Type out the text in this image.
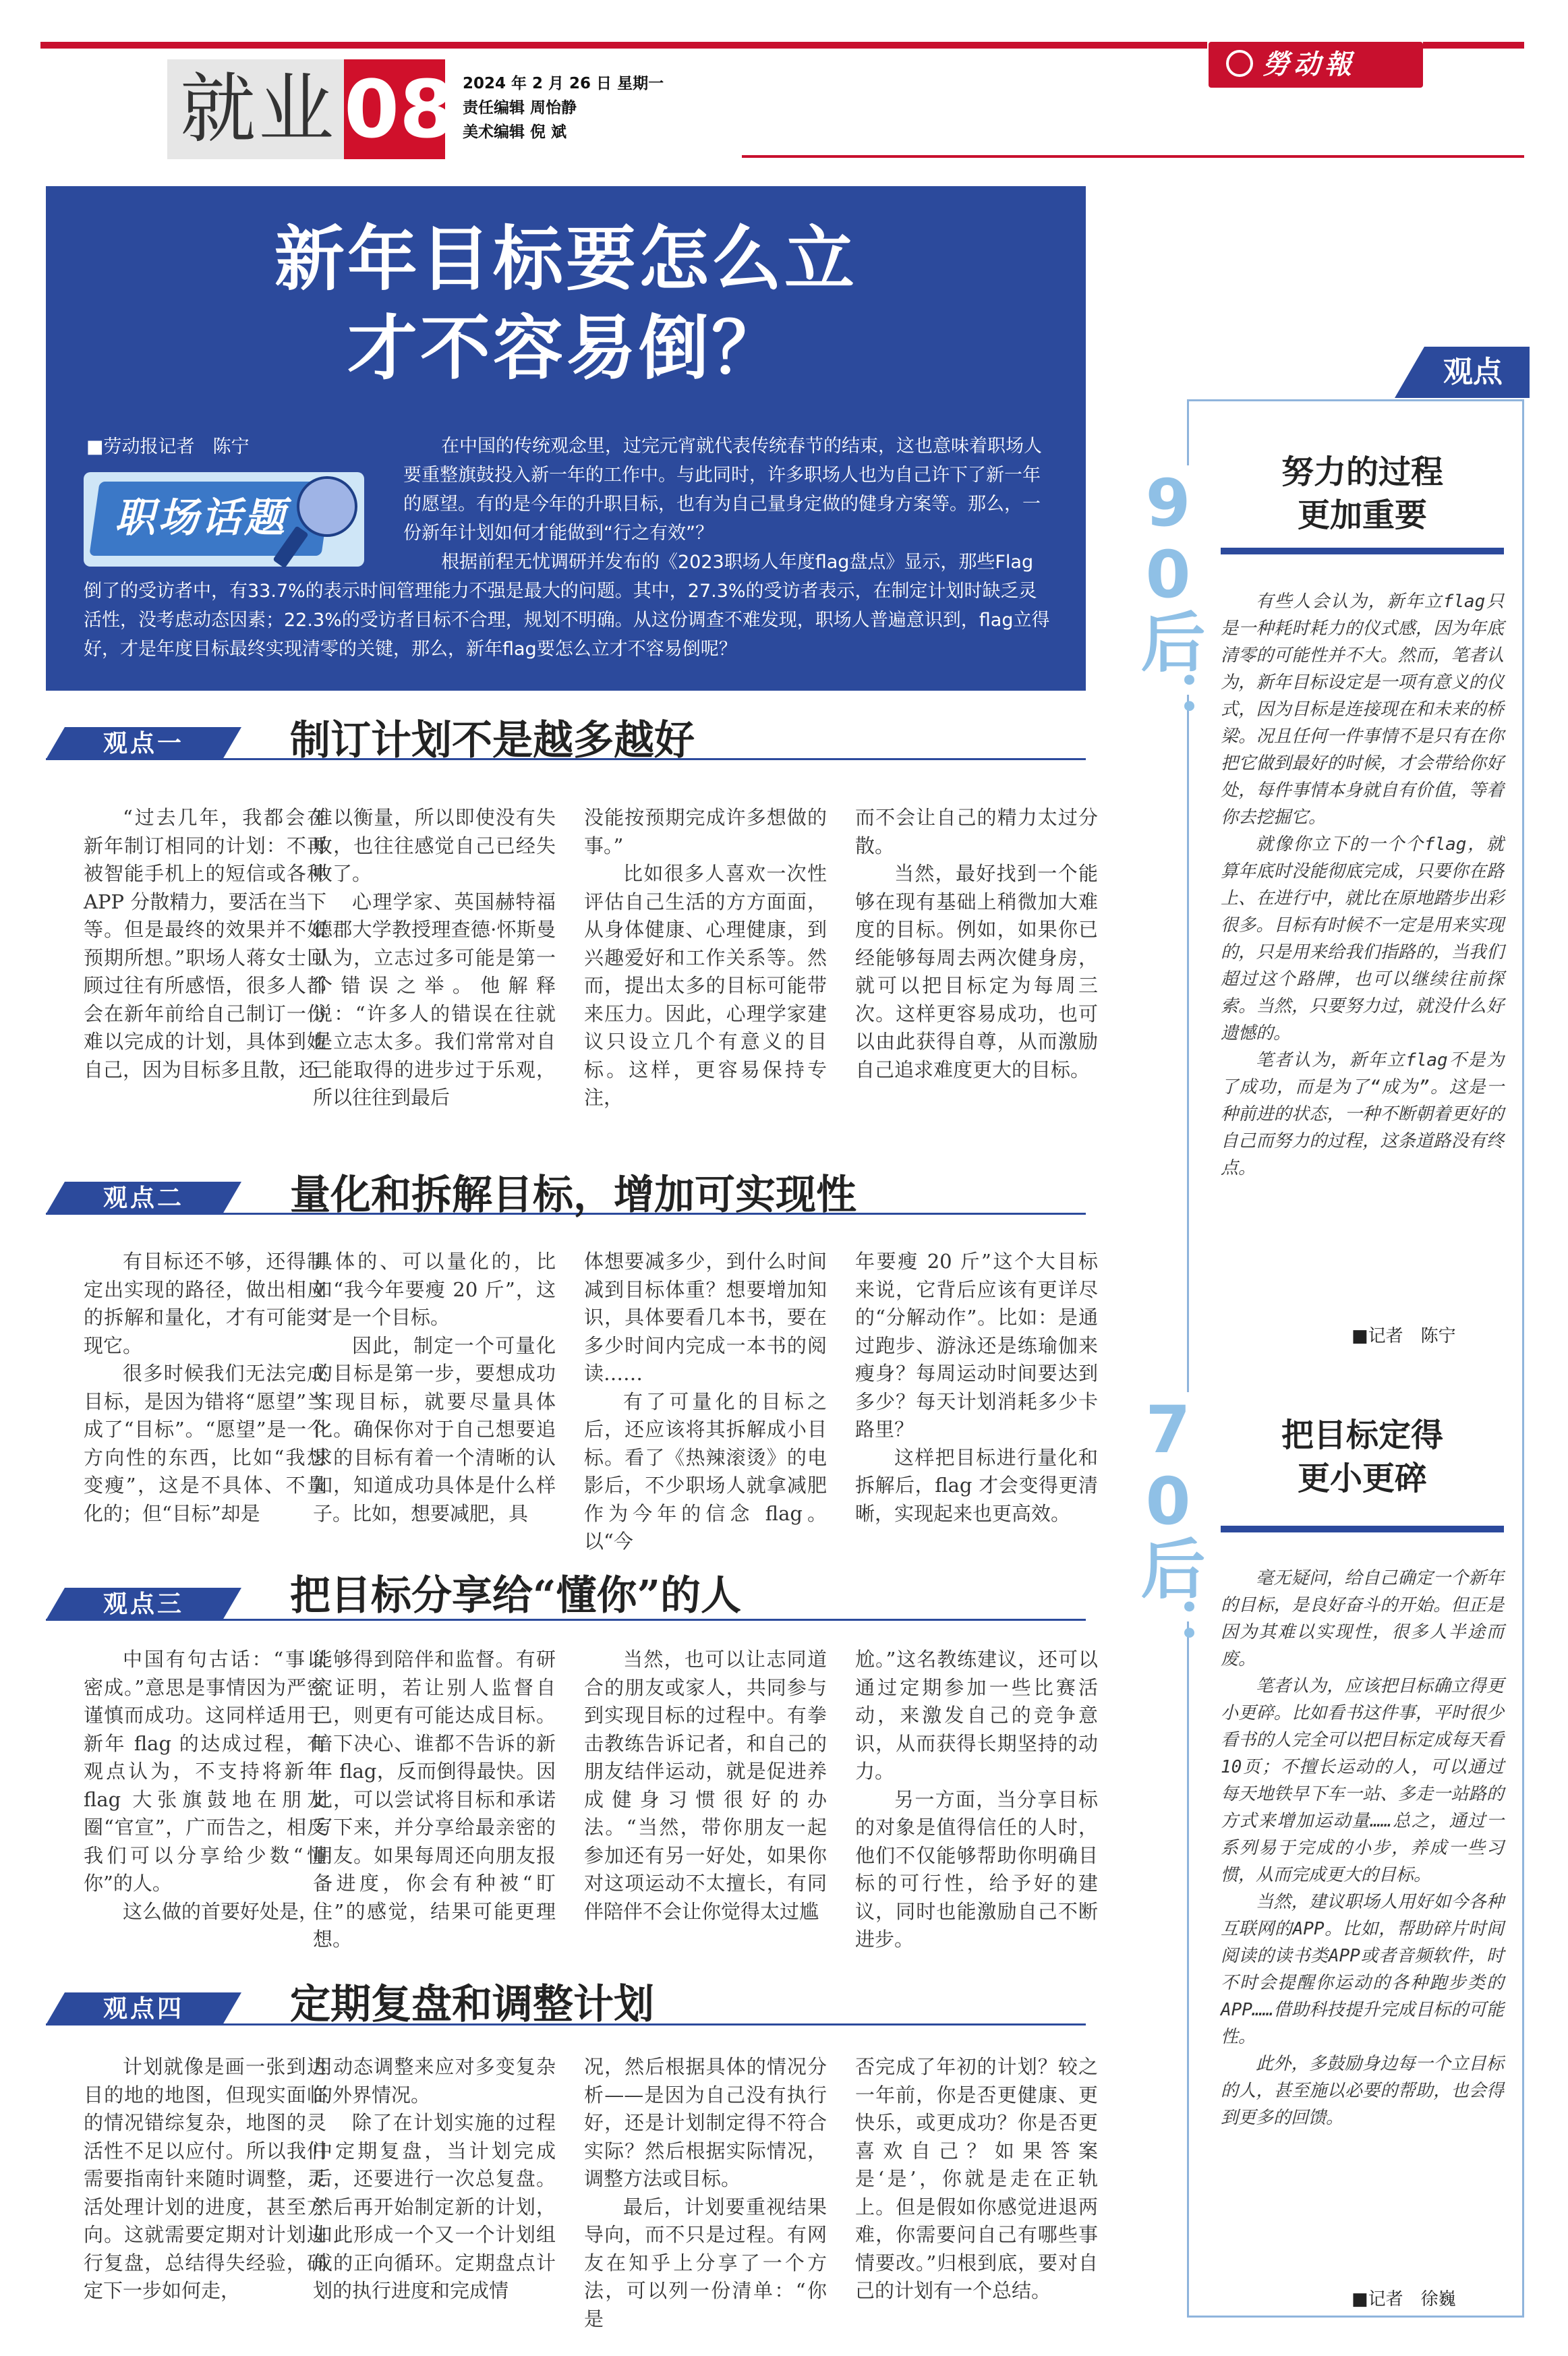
就业 08 2024 年 2 月 26 日 星期一
责任编辑 周怡静
美术编辑 倪 斌
勞动報
新年目标要怎么立
才不容易倒？
■劳动报记者　陈宁
职场话题
在中国的传统观念里，过完元宵就代表传统春节的结束，这也意味着职场人要重整旗鼓投入新一年的工作中。与此同时，许多职场人也为自己许下了新一年的愿望。有的是今年的升职目标，也有为自己量身定做的健身方案等。那么，一份新年计划如何才能做到“行之有效”？
根据前程无忧调研并发布的《2023职场人年度flag盘点》显示，那些Flag
倒了的受访者中，有33.7%的表示时间管理能力不强是最大的问题。其中，27.3%的受访者表示，在制定计划时缺乏灵活性，没考虑动态因素；22.3%的受访者目标不合理，规划不明确。从这份调查不难发现，职场人普遍意识到，flag立得好，才是年度目标最终实现清零的关键，那么，新年flag要怎么立才不容易倒呢？
观点一	制订计划不是越多越好

“过去几年，我都会在新年制订相同的计划：不再被智能手机上的短信或各种 APP 分散精力，要活在当下等。但是最终的效果并不如预期所想。”职场人蒋女士回顾过往有所感悟，很多人都会在新年前给自己制订一份难以完成的计划，具体到她自己，因为目标多且散，还

难以衡量，所以即使没有失败，也往往感觉自己已经失败了。

心理学家、英国赫特福德郡大学教授理查德·怀斯曼认为，立志过多可能是第一个错误之举。他解释说：“许多人的错误在往就是立志太多。我们常常对自己能取得的进步过于乐观，所以往往到最后

没能按预期完成许多想做的事。”

比如很多人喜欢一次性评估自己生活的方方面面，从身体健康、心理健康，到兴趣爱好和工作关系等。然而，提出太多的目标可能带来压力。因此，心理学家建议只设立几个有意义的目标。这样，更容易保持专注，

而不会让自己的精力太过分散。

当然，最好找到一个能够在现有基础上稍微加大难度的目标。例如，如果你已经能够每周去两次健身房，就可以把目标定为每周三次。这样更容易成功，也可以由此获得自尊，从而激励自己追求难度更大的目标。

观点二	量化和拆解目标，增加可实现性

有目标还不够，还得制定出实现的路径，做出相应的拆解和量化，才有可能实现它。

很多时候我们无法完成目标，是因为错将“愿望”当成了“目标”。“愿望”是一个方向性的东西，比如“我想变瘦”，这是不具体、不量化的；但“目标”却是

具体的、可以量化的，比如“我今年要瘦 20 斤”，这才是一个目标。

因此，制定一个可量化的目标是第一步，要想成功实现目标，就要尽量具体化。确保你对于自己想要追求的目标有着一个清晰的认知，知道成功具体是什么样子。比如，想要减肥，具

体想要减多少，到什么时间减到目标体重？想要增加知识，具体要看几本书，要在多少时间内完成一本书的阅读……

有了可量化的目标之后，还应该将其拆解成小目标。看了《热辣滚烫》的电影后，不少职场人就拿减肥作为今年的信念 flag。以“今

年要瘦 20 斤”这个大目标来说，它背后应该有更详尽的“分解动作”。比如：是通过跑步、游泳还是练瑜伽来瘦身？每周运动时间要达到多少？每天计划消耗多少卡路里？

这样把目标进行量化和拆解后，flag 才会变得更清晰，实现起来也更高效。

观点三	把目标分享给“懂你”的人

中国有句古话：“事以密成。”意思是事情因为严密谨慎而成功。这同样适用于新年 flag 的达成过程，有观点认为，不支持将新年 flag 大张旗鼓地在朋友圈“官宣”，广而告之，相反我们可以分享给少数“懂你”的人。

这么做的首要好处是，

能够得到陪伴和监督。有研究证明，若让别人监督自己，则更有可能达成目标。暗下决心、谁都不告诉的新年 flag，反而倒得最快。因此，可以尝试将目标和承诺写下来，并分享给最亲密的朋友。如果每周还向朋友报备进度，你会有种被“盯住”的感觉，结果可能更理想。

当然，也可以让志同道合的朋友或家人，共同参与到实现目标的过程中。有拳击教练告诉记者，和自己的朋友结伴运动，就是促进养成健身习惯很好的办法。“当然，带你朋友一起参加还有另一好处，如果你对这项运动不太擅长，有同伴陪伴不会让你觉得太过尴

尬。”这名教练建议，还可以通过定期参加一些比赛活动，来激发自己的竞争意识，从而获得长期坚持的动力。

另一方面，当分享目标的对象是值得信任的人时，他们不仅能够帮助你明确目标的可行性，给予好的建议，同时也能激励自己不断进步。

观点四	定期复盘和调整计划

计划就像是画一张到达目的地的地图，但现实面临的情况错综复杂，地图的灵活性不足以应付。所以我们需要指南针来随时调整，灵活处理计划的进度，甚至方向。这就需要定期对计划进行复盘，总结得失经验，确定下一步如何走，

用动态调整来应对多变复杂的外界情况。

除了在计划实施的过程中定期复盘，当计划完成后，还要进行一次总复盘。然后再开始制定新的计划，如此形成一个又一个计划组成的正向循环。定期盘点计划的执行进度和完成情

况，然后根据具体的情况分析——是因为自己没有执行好，还是计划制定得不符合实际？然后根据实际情况，调整方法或目标。

最后，计划要重视结果导向，而不只是过程。有网友在知乎上分享了一个方法，可以列一份清单：“你是

否完成了年初的计划？较之一年前，你是否更健康、更快乐，或更成功？你是否更喜欢自己？如果答案是‘是’，你就是走在正轨上。但是假如你感觉进退两难，你需要问自己有哪些事情要改。”归根到底，要对自己的计划有一个总结。

观点
90后：	努力的过程
更加重要

有些人会认为，新年立flag只是一种耗时耗力的仪式感，因为年底清零的可能性并不大。然而，笔者认为，新年目标设定是一项有意义的仪式，因为目标是连接现在和未来的桥梁。况且任何一件事情不是只有在你把它做到最好的时候，才会带给你好处，每件事情本身就自有价值，等着你去挖掘它。

就像你立下的一个个flag，就算年底时没能彻底完成，只要你在路上、在进行中，就比在原地踏步出彩很多。目标有时候不一定是用来实现的，只是用来给我们指路的，当我们超过这个路牌，也可以继续往前探索。当然，只要努力过，就没什么好遗憾的。

笔者认为，新年立flag不是为了成功，而是为了“成为”。这是一种前进的状态，一种不断朝着更好的自己而努力的过程，这条道路没有终点。

■记者　陈宁
70后：	把目标定得
更小更碎

毫无疑问，给自己确定一个新年的目标，是良好奋斗的开始。但正是因为其难以实现性，很多人半途而废。

笔者认为，应该把目标确立得更小更碎。比如看书这件事，平时很少看书的人完全可以把目标定成每天看10页；不擅长运动的人，可以通过每天地铁早下车一站、多走一站路的方式来增加运动量……总之，通过一系列易于完成的小步，养成一些习惯，从而完成更大的目标。

当然，建议职场人用好如今各种互联网的APP。比如，帮助碎片时间阅读的读书类APP或者音频软件，时不时会提醒你运动的各种跑步类的APP……借助科技提升完成目标的可能性。

此外，多鼓励身边每一个立目标的人，甚至施以必要的帮助，也会得到更多的回馈。

■记者　徐巍
